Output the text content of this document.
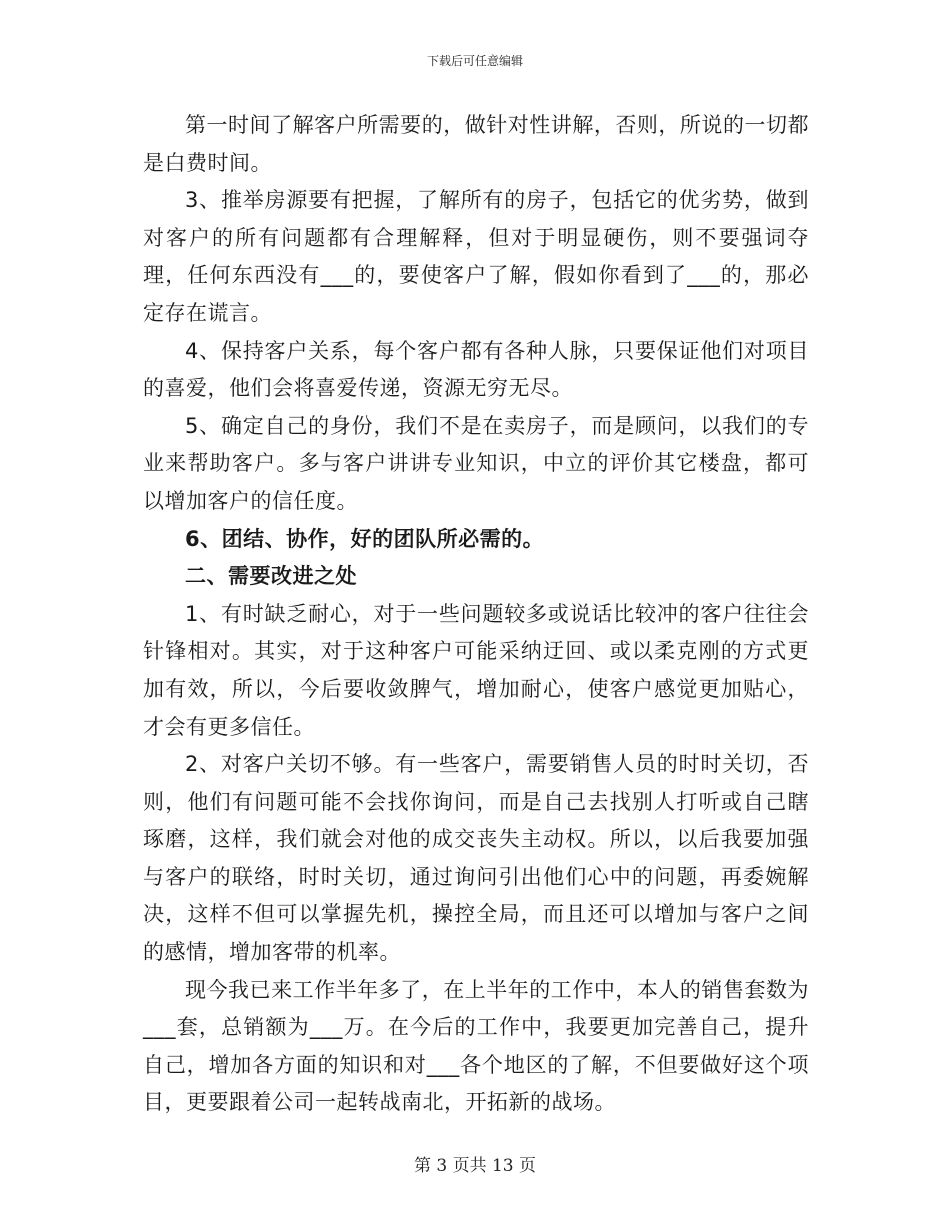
下载后可任意编辑

第一时间了解客户所需要的，做针对性讲解，否则，所说的一切都是白费时间。

3、推举房源要有把握，了解所有的房子，包括它的优劣势，做到对客户的所有问题都有合理解释，但对于明显硬伤，则不要强词夺理，任何东西没有___的，要使客户了解，假如你看到了___的，那必定存在谎言。

4、保持客户关系，每个客户都有各种人脉，只要保证他们对项目的喜爱，他们会将喜爱传递，资源无穷无尽。

5、确定自己的身份，我们不是在卖房子，而是顾问，以我们的专业来帮助客户。多与客户讲讲专业知识，中立的评价其它楼盘，都可以增加客户的信任度。

6、团结、协作，好的团队所必需的。

二、需要改进之处

1、有时缺乏耐心，对于一些问题较多或说话比较冲的客户往往会针锋相对。其实，对于这种客户可能采纳迂回、或以柔克刚的方式更加有效，所以，今后要收敛脾气，增加耐心，使客户感觉更加贴心，才会有更多信任。

2、对客户关切不够。有一些客户，需要销售人员的时时关切，否则，他们有问题可能不会找你询问，而是自己去找别人打听或自己瞎琢磨，这样，我们就会对他的成交丧失主动权。所以，以后我要加强与客户的联络，时时关切，通过询问引出他们心中的问题，再委婉解决，这样不但可以掌握先机，操控全局，而且还可以增加与客户之间的感情，增加客带的机率。

现今我已来工作半年多了，在上半年的工作中，本人的销售套数为___套，总销额为___万。在今后的工作中，我要更加完善自己，提升自己，增加各方面的知识和对___各个地区的了解，不但要做好这个项目，更要跟着公司一起转战南北，开拓新的战场。

第 3 页共 13 页
